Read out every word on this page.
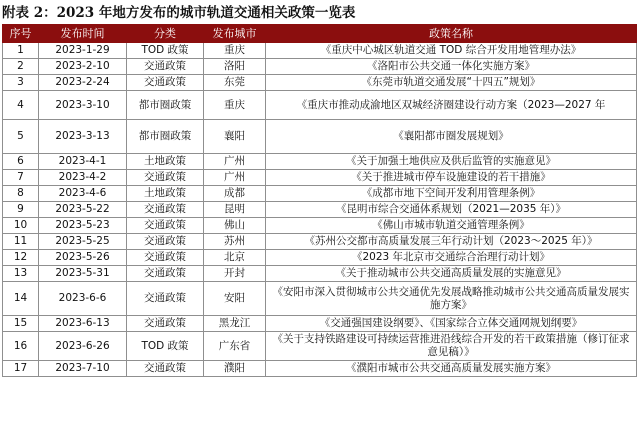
附表 2：2023 年地方发布的城市轨道交通相关政策一览表
序号	发布时间	分类	发布城市	政策名称
1	2023-1-29	TOD 政策	重庆	《重庆中心城区轨道交通 TOD 综合开发用地管理办法》
2	2023-2-10	交通政策	洛阳	《洛阳市公共交通一体化实施方案》
3	2023-2-24	交通政策	东莞	《东莞市轨道交通发展“十四五”规划》
4	2023-3-10	都市圈政策	重庆	《重庆市推动成渝地区双城经济圈建设行动方案（2023—2027 年
5	2023-3-13	都市圈政策	襄阳	《襄阳都市圈发展规划》
6	2023-4-1	土地政策	广州	《关于加强土地供应及供后监管的实施意见》
7	2023-4-2	交通政策	广州	《关于推进城市停车设施建设的若干措施》
8	2023-4-6	土地政策	成都	《成都市地下空间开发利用管理条例》
9	2023-5-22	交通政策	昆明	《昆明市综合交通体系规划（2021—2035 年）》
10	2023-5-23	交通政策	佛山	《佛山市城市轨道交通管理条例》
11	2023-5-25	交通政策	苏州	《苏州公交都市高质量发展三年行动计划（2023～2025 年）》
12	2023-5-26	交通政策	北京	《2023 年北京市交通综合治理行动计划》
13	2023-5-31	交通政策	开封	《关于推动城市公共交通高质量发展的实施意见》
14	2023-6-6	交通政策	安阳	《安阳市深入贯彻城市公共交通优先发展战略推动城市公共交通高质量发展实施方案》
15	2023-6-13	交通政策	黑龙江	《交通强国建设纲要》、《国家综合立体交通网规划纲要》
16	2023-6-26	TOD 政策	广东省	《关于支持铁路建设可持续运营推进沿线综合开发的若干政策措施（修订征求意见稿）》
17	2023-7-10	交通政策	濮阳	《濮阳市城市公共交通高质量发展实施方案》
